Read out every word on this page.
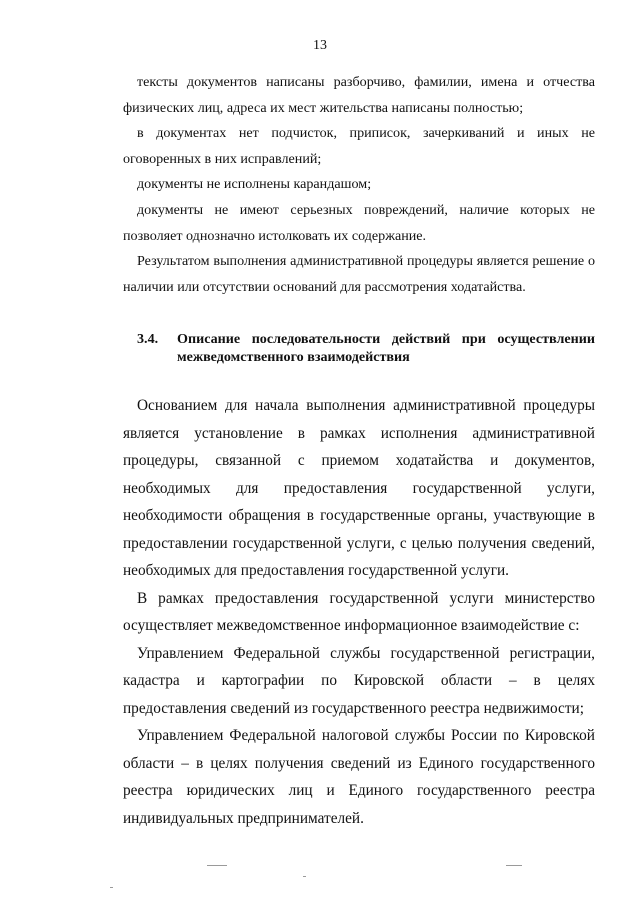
13

тексты документов написаны разборчиво, фамилии, имена и отчества физических лиц, адреса их мест жительства написаны полностью;

в документах нет подчисток, приписок, зачеркиваний и иных не оговоренных в них исправлений;

документы не исполнены карандашом;

документы не имеют серьезных повреждений, наличие которых не позволяет однозначно истолковать их содержание.

Результатом выполнения административной процедуры является решение о наличии или отсутствии оснований для рассмотрения ходатайства.

3.4.	Описание последовательности действий при осуществлении межведомственного взаимодействия

Основанием для начала выполнения административной процедуры является установление в рамках исполнения административной процедуры, связанной с приемом ходатайства и документов, необходимых для предоставления государственной услуги, необходимости обращения в государственные органы, участвующие в предоставлении государственной услуги, с целью получения сведений, необходимых для предоставления государственной услуги.

В рамках предоставления государственной услуги министерство осуществляет межведомственное информационное взаимодействие с:

Управлением Федеральной службы государственной регистрации, кадастра и картографии по Кировской области – в целях предоставления сведений из государственного реестра недвижимости;

Управлением Федеральной налоговой службы России по Кировской области – в целях получения сведений из Единого государственного реестра юридических лиц и Единого государственного реестра индивидуальных предпринимателей.
